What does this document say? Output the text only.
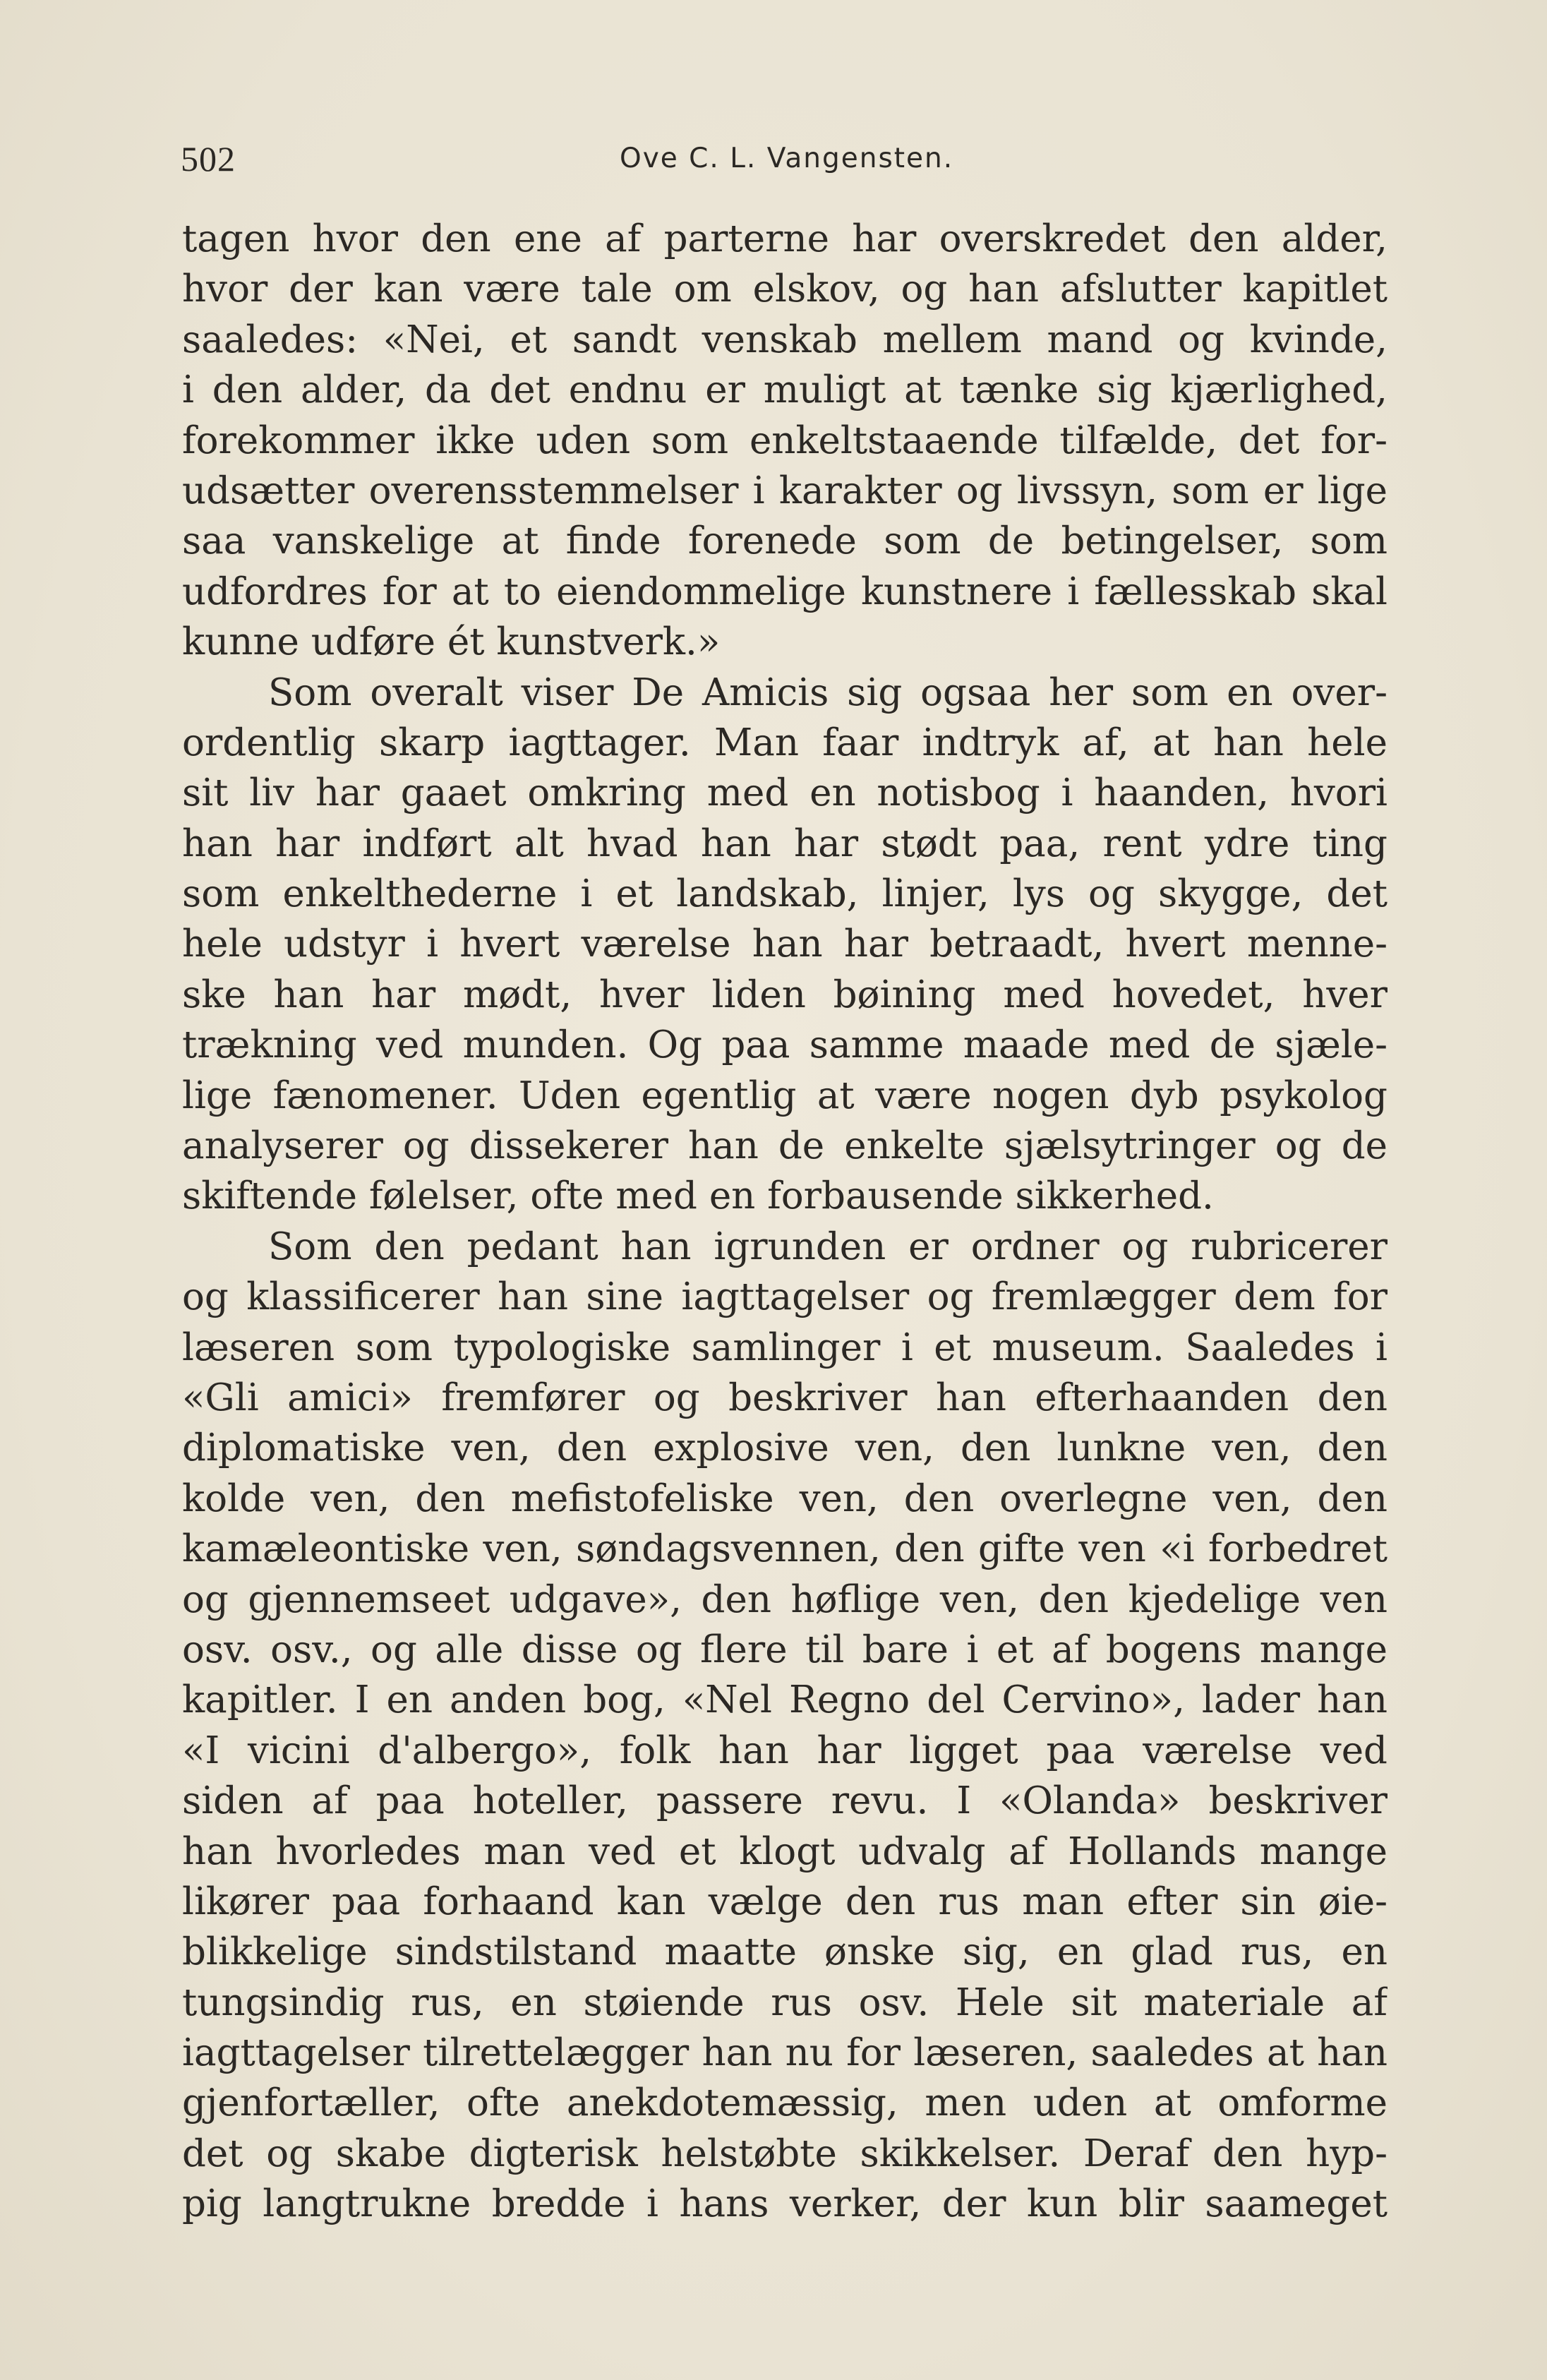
502	Ove C. L. Vangensten.
tagen hvor den ene af parterne har overskredet den alder,
hvor der kan være tale om elskov, og han afslutter kapitlet
saaledes: «Nei, et sandt venskab mellem mand og kvinde,
i den alder, da det endnu er muligt at tænke sig kjærlighed,
forekommer ikke uden som enkeltstaaende tilfælde, det for-
udsætter overensstemmelser i karakter og livssyn, som er lige
saa vanskelige at finde forenede som de betingelser, som
udfordres for at to eiendommelige kunstnere i fællesskab skal
kunne udføre ét kunstverk.»
Som overalt viser De Amicis sig ogsaa her som en over-
ordentlig skarp iagttager. Man faar indtryk af, at han hele
sit liv har gaaet omkring med en notisbog i haanden, hvori
han har indført alt hvad han har stødt paa, rent ydre ting
som enkelthederne i et landskab, linjer, lys og skygge, det
hele udstyr i hvert værelse han har betraadt, hvert menne-
ske han har mødt, hver liden bøining med hovedet, hver
trækning ved munden. Og paa samme maade med de sjæle-
lige fænomener. Uden egentlig at være nogen dyb psykolog
analyserer og dissekerer han de enkelte sjælsytringer og de
skiftende følelser, ofte med en forbausende sikkerhed.
Som den pedant han igrunden er ordner og rubricerer
og klassificerer han sine iagttagelser og fremlægger dem for
læseren som typologiske samlinger i et museum. Saaledes i
«Gli amici» fremfører og beskriver han efterhaanden den
diplomatiske ven, den explosive ven, den lunkne ven, den
kolde ven, den mefistofeliske ven, den overlegne ven, den
kamæleontiske ven, søndagsvennen, den gifte ven «i forbedret
og gjennemseet udgave», den høflige ven, den kjedelige ven
osv. osv., og alle disse og flere til bare i et af bogens mange
kapitler. I en anden bog, «Nel Regno del Cervino», lader han
«I vicini d'albergo», folk han har ligget paa værelse ved
siden af paa hoteller, passere revu. I «Olanda» beskriver
han hvorledes man ved et klogt udvalg af Hollands mange
likører paa forhaand kan vælge den rus man efter sin øie-
blikkelige sindstilstand maatte ønske sig, en glad rus, en
tungsindig rus, en støiende rus osv. Hele sit materiale af
iagttagelser tilrettelægger han nu for læseren, saaledes at han
gjenfortæller, ofte anekdotemæssig, men uden at omforme
det og skabe digterisk helstøbte skikkelser. Deraf den hyp-
pig langtrukne bredde i hans verker, der kun blir saameget
